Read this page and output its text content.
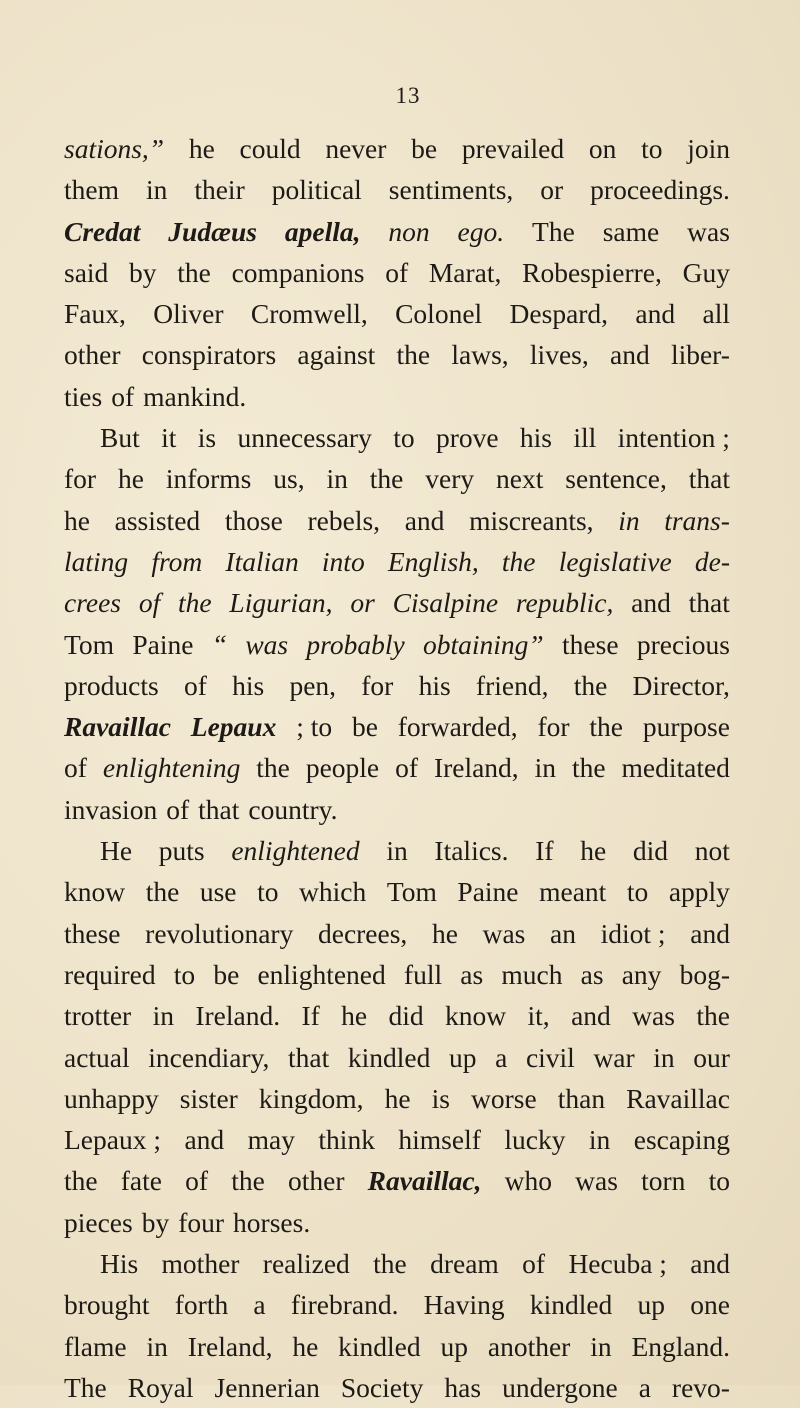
13
sations,” he could never be prevailed on to join
them in their political sentiments, or proceedings.
Credat Judæus apella, non ego. The same was
said by the companions of Marat, Robespierre, Guy
Faux, Oliver Cromwell, Colonel Despard, and all
other conspirators against the laws, lives, and liber-
ties of mankind.
But it is unnecessary to prove his ill intention ;
for he informs us, in the very next sentence, that
he assisted those rebels, and miscreants, in trans-
lating from Italian into English, the legislative de-
crees of the Ligurian, or Cisalpine republic, and that
Tom Paine “ was probably obtaining” these precious
products of his pen, for his friend, the Director,
Ravaillac Lepaux ; to be forwarded, for the purpose
of enlightening the people of Ireland, in the meditated
invasion of that country.
He puts enlightened in Italics. If he did not
know the use to which Tom Paine meant to apply
these revolutionary decrees, he was an idiot ; and
required to be enlightened full as much as any bog-
trotter in Ireland. If he did know it, and was the
actual incendiary, that kindled up a civil war in our
unhappy sister kingdom, he is worse than Ravaillac
Lepaux ; and may think himself lucky in escaping
the fate of the other Ravaillac, who was torn to
pieces by four horses.
His mother realized the dream of Hecuba ; and
brought forth a firebrand. Having kindled up one
flame in Ireland, he kindled up another in England.
The Royal Jennerian Society has undergone a revo-
